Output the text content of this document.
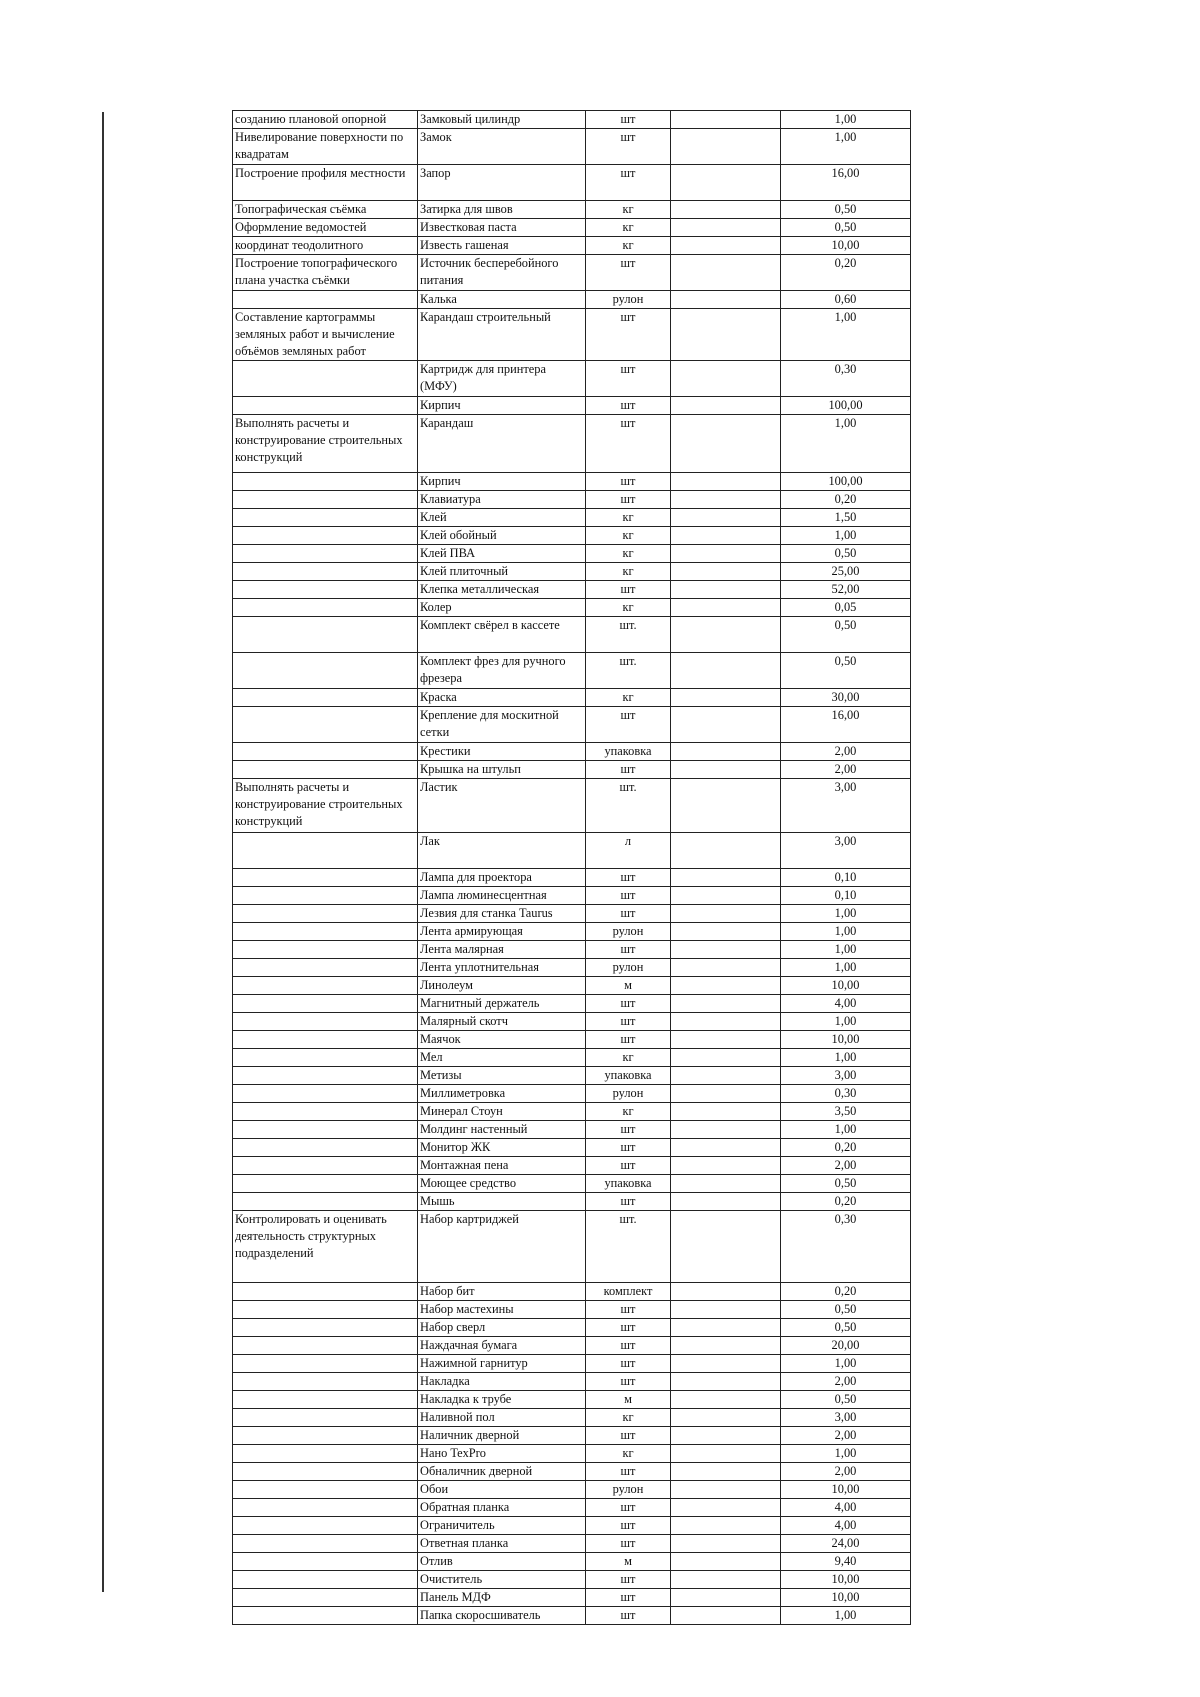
созданию плановой опорной	Замковый цилиндр	шт		1,00
Нивелирование поверхности по квадратам	Замок	шт		1,00
Построение профиля местности	Запор	шт		16,00
Топографическая съёмка	Затирка для швов	кг		0,50
Оформление ведомостей	Известковая паста	кг		0,50
координат теодолитного	Известь гашеная	кг		10,00
Построение топографического плана участка съёмки	Источник бесперебойного питания	шт		0,20
	Калька	рулон		0,60
Составление картограммы земляных работ и вычисление объёмов земляных работ	Карандаш строительный	шт		1,00
	Картридж для принтера (МФУ)	шт		0,30
	Кирпич	шт		100,00
Выполнять расчеты и конструирование строительных конструкций	Карандаш	шт		1,00
	Кирпич	шт		100,00
	Клавиатура	шт		0,20
	Клей	кг		1,50
	Клей обойный	кг		1,00
	Клей ПВА	кг		0,50
	Клей плиточный	кг		25,00
	Клепка металлическая	шт		52,00
	Колер	кг		0,05
	Комплект свёрел в кассете	шт.		0,50
	Комплект фрез для ручного фрезера	шт.		0,50
	Краска	кг		30,00
	Крепление для москитной сетки	шт		16,00
	Крестики	упаковка		2,00
	Крышка на штульп	шт		2,00
Выполнять расчеты и конструирование строительных конструкций	Ластик	шт.		3,00
	Лак	л		3,00
	Лампа для проектора	шт		0,10
	Лампа люминесцентная	шт		0,10
	Лезвия для станка Taurus	шт		1,00
	Лента армирующая	рулон		1,00
	Лента малярная	шт		1,00
	Лента уплотнительная	рулон		1,00
	Линолеум	м		10,00
	Магнитный держатель	шт		4,00
	Малярный скотч	шт		1,00
	Маячок	шт		10,00
	Мел	кг		1,00
	Метизы	упаковка		3,00
	Миллиметровка	рулон		0,30
	Минерал Стоун	кг		3,50
	Молдинг настенный	шт		1,00
	Монитор ЖК	шт		0,20
	Монтажная пена	шт		2,00
	Моющее средство	упаковка		0,50
	Мышь	шт		0,20
Контролировать и оценивать деятельность структурных подразделений	Набор картриджей	шт.		0,30
	Набор бит	комплект		0,20
	Набор мастехины	шт		0,50
	Набор сверл	шт		0,50
	Наждачная бумага	шт		20,00
	Нажимной гарнитур	шт		1,00
	Накладка	шт		2,00
	Накладка к трубе	м		0,50
	Наливной пол	кг		3,00
	Наличник дверной	шт		2,00
	Нано TexPro	кг		1,00
	Обналичник дверной	шт		2,00
	Обои	рулон		10,00
	Обратная планка	шт		4,00
	Ограничитель	шт		4,00
	Ответная планка	шт		24,00
	Отлив	м		9,40
	Очиститель	шт		10,00
	Панель МДФ	шт		10,00
	Папка скоросшиватель	шт		1,00
